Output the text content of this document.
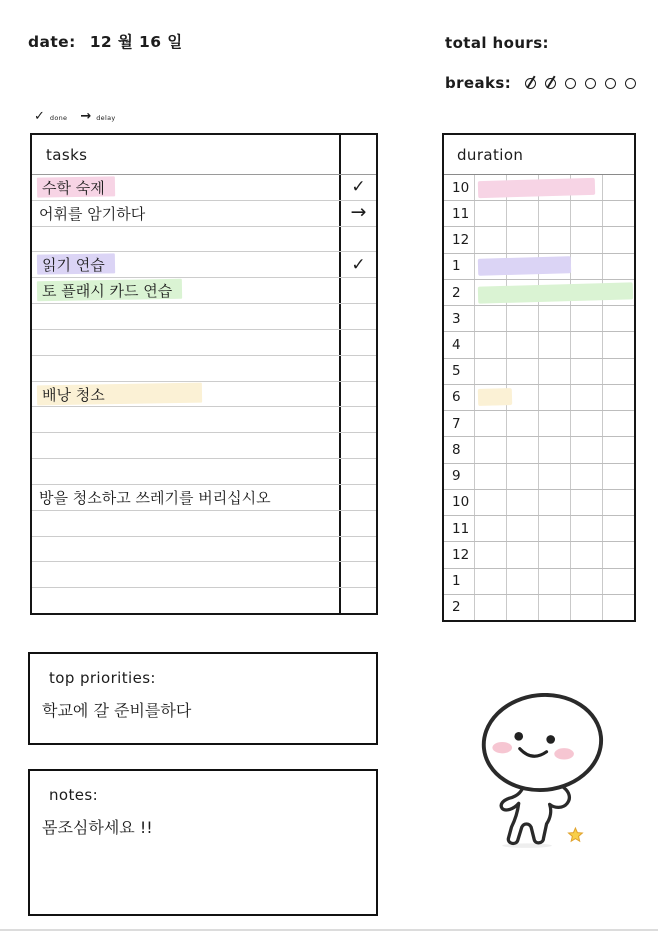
date: 12 월 16 일	total hours:
breaks:
✓ done → delay
tasks
수학 숙제	✓
어휘를 암기하다	→
읽기 연습	✓
토 플래시 카드 연습
배낭 청소
방을 청소하고 쓰레기를 버리십시오
duration
10
11
12
1
2
3
4
5
6
7
8
9
10
11
12
1
2
top priorities:
학교에 갈 준비를하다
notes:
몸조심하세요 !!
